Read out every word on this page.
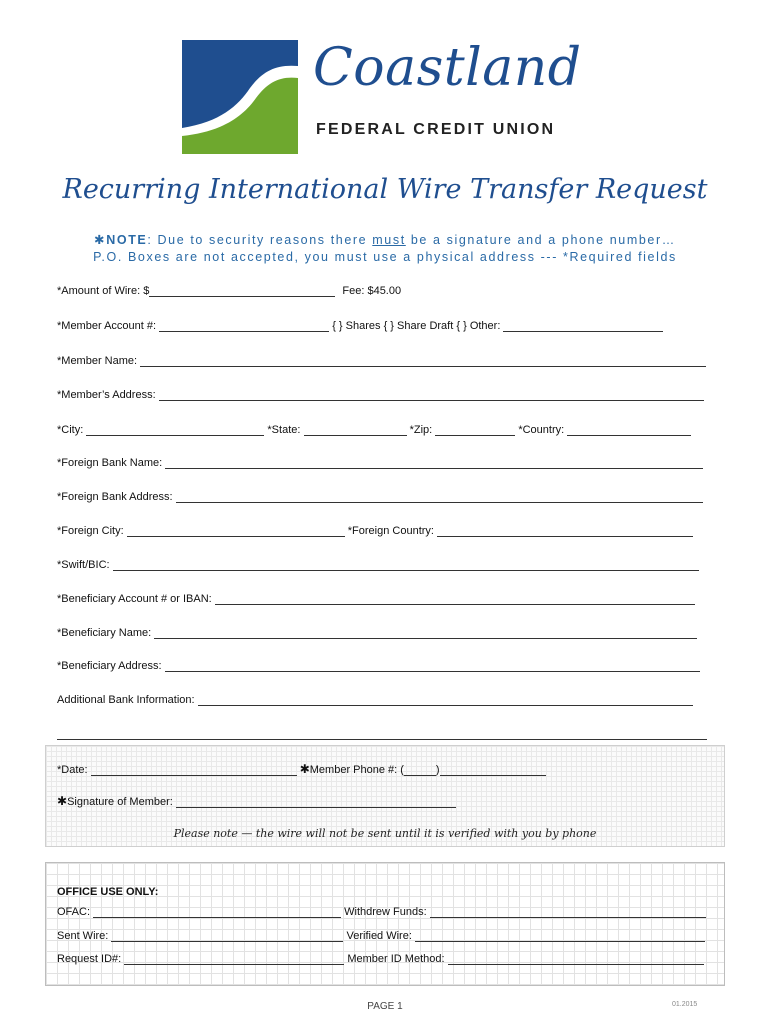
Coastland
FEDERAL CREDIT UNION
Recurring International Wire Transfer Request
✱NOTE: Due to security reasons there must be a signature and a phone number…
P.O. Boxes are not accepted, you must use a physical address --- *Required fields
*Amount of Wire: $	Fee: $45.00
*Member Account #:	{ } Shares { } Share Draft { } Other:
*Member Name:
*Member’s Address:
*City:	*State:	*Zip:	*Country:
*Foreign Bank Name:
*Foreign Bank Address:
*Foreign City:	*Foreign Country:
*Swift/BIC:
*Beneficiary Account # or IBAN:
*Beneficiary Name:
*Beneficiary Address:
Additional Bank Information:
*Date:	✱Member Phone #: (	)
✱Signature of Member:
Please note — the wire will not be sent until it is verified with you by phone
OFFICE USE ONLY:
OFAC:	Withdrew Funds:
Sent Wire:	Verified Wire:
Request ID#:	Member ID Method:
PAGE 1	01.2015
